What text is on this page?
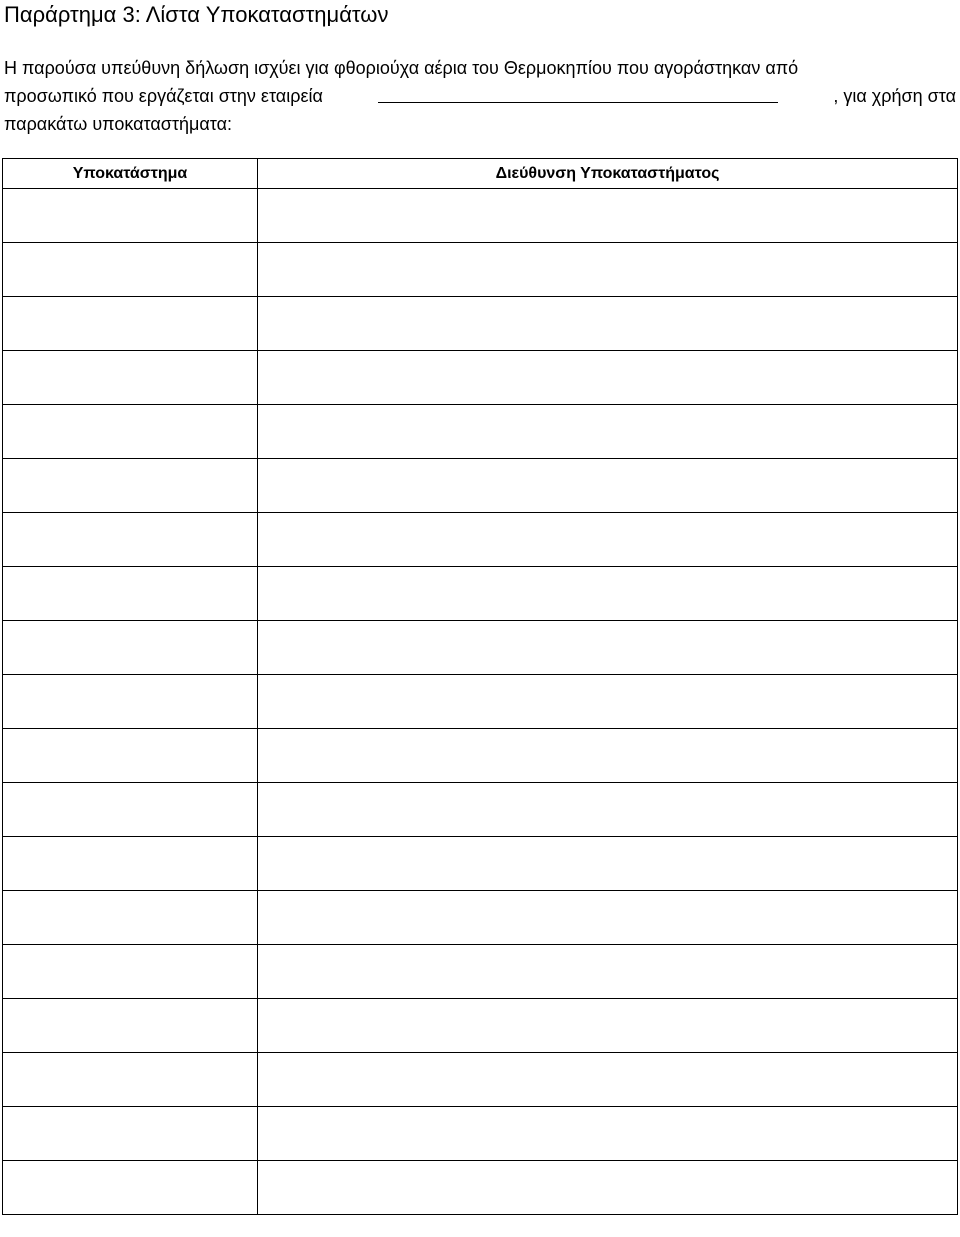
Παράρτημα 3: Λίστα Υποκαταστημάτων
Η παρούσα υπεύθυνη δήλωση ισχύει για φθοριούχα αέρια του Θερμοκηπίου που αγοράστηκαν από
προσωπικό που εργάζεται στην εταιρεία	, για χρήση στα
παρακάτω υποκαταστήματα:
Υποκατάστημα	Διεύθυνση Υποκαταστήματος
